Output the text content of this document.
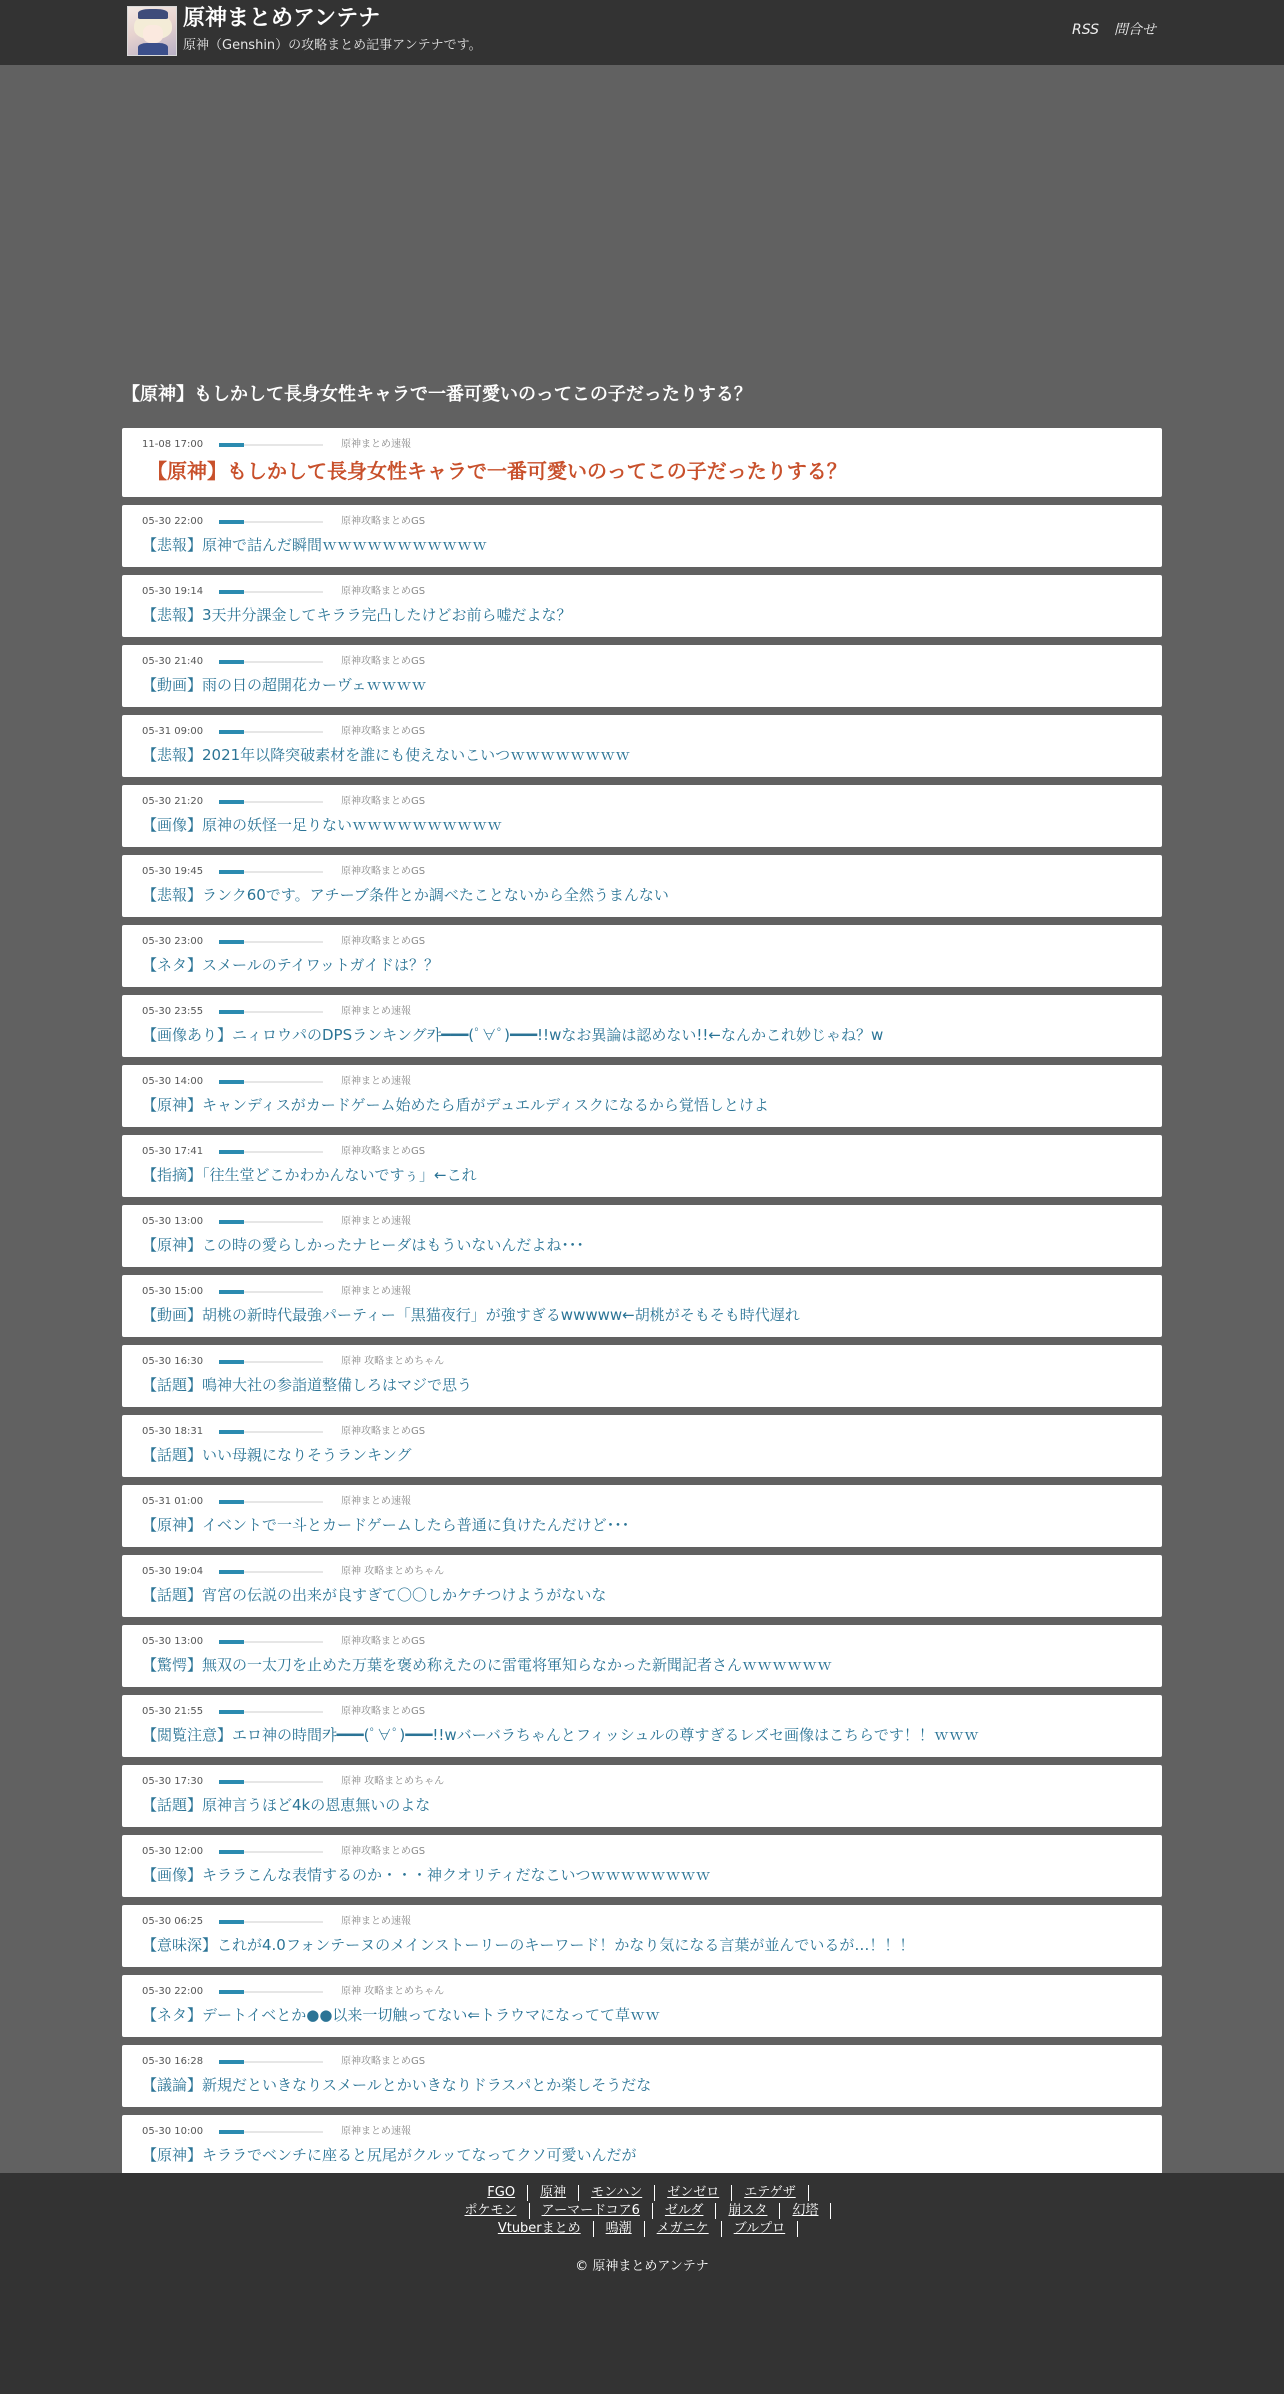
原神まとめアンテナ
原神（Genshin）の攻略まとめ記事アンテナです。
RSS 問合せ
【原神】もしかして長身女性キャラで一番可愛いのってこの子だったりする？
11-08 17:00	原神まとめ速報
【原神】もしかして長身女性キャラで一番可愛いのってこの子だったりする？
05-30 22:00	原神攻略まとめGS
【悲報】原神で詰んだ瞬間ｗｗｗｗｗｗｗｗｗｗｗ
05-30 19:14	原神攻略まとめGS
【悲報】3天井分課金してキララ完凸したけどお前ら嘘だよな？
05-30 21:40	原神攻略まとめGS
【動画】雨の日の超開花カーヴェｗｗｗｗ
05-31 09:00	原神攻略まとめGS
【悲報】2021年以降突破素材を誰にも使えないこいつｗｗｗｗｗｗｗｗ
05-30 21:20	原神攻略まとめGS
【画像】原神の妖怪一足りないｗｗｗｗｗｗｗｗｗｗ
05-30 19:45	原神攻略まとめGS
【悲報】ランク60です。アチーブ条件とか調べたことないから全然うまんない
05-30 23:00	原神攻略まとめGS
【ネタ】スメールのテイワットガイドは？？
05-30 23:55	原神まとめ速報
【画像あり】ニィロウパのDPSランキング캬━━━(ﾟ∀ﾟ)━━━!!wなお異論は認めない!!←なんかこれ妙じゃね？w
05-30 14:00	原神まとめ速報
【原神】キャンディスがカードゲーム始めたら盾がデュエルディスクになるから覚悟しとけよ
05-30 17:41	原神攻略まとめGS
【指摘】「往生堂どこかわかんないですぅ」←これ
05-30 13:00	原神まとめ速報
【原神】この時の愛らしかったナヒーダはもういないんだよね･･･
05-30 15:00	原神まとめ速報
【動画】胡桃の新時代最強パーティー「黒猫夜行」が強すぎるwwwww←胡桃がそもそも時代遅れ
05-30 16:30	原神 攻略まとめちゃん
【話題】鳴神大社の参詣道整備しろはマジで思う
05-30 18:31	原神攻略まとめGS
【話題】いい母親になりそうランキング
05-31 01:00	原神まとめ速報
【原神】イベントで一斗とカードゲームしたら普通に負けたんだけど･･･
05-30 19:04	原神 攻略まとめちゃん
【話題】宵宮の伝説の出来が良すぎて〇〇しかケチつけようがないな
05-30 13:00	原神攻略まとめGS
【驚愕】無双の一太刀を止めた万葉を褒め称えたのに雷電将軍知らなかった新聞記者さんｗｗｗｗｗｗ
05-30 21:55	原神攻略まとめGS
【閲覧注意】エロ神の時間캬━━━(ﾟ∀ﾟ)━━━!!wバーバラちゃんとフィッシュルの尊すぎるレズセ画像はこちらです！！ｗｗｗ
05-30 17:30	原神 攻略まとめちゃん
【話題】原神言うほど4kの恩恵無いのよな
05-30 12:00	原神攻略まとめGS
【画像】キララこんな表情するのか・・・神クオリティだなこいつｗｗｗｗｗｗｗｗ
05-30 06:25	原神まとめ速報
【意味深】これが4.0フォンテーヌのメインストーリーのキーワード！かなり気になる言葉が並んでいるが…！！！
05-30 22:00	原神 攻略まとめちゃん
【ネタ】デートイベとか●●以来一切触ってない⇐トラウマになってて草ｗｗ
05-30 16:28	原神攻略まとめGS
【議論】新規だといきなりスメールとかいきなりドラスパとか楽しそうだな
05-30 10:00	原神まとめ速報
【原神】キララでベンチに座ると尻尾がクルッてなってクソ可愛いんだが
FGO 原神 モンハン ゼンゼロ エテゲザ
ポケモン アーマードコア6 ゼルダ 崩スタ 幻塔
Vtuberまとめ 鳴潮 メガニケ ブルプロ
© 原神まとめアンテナ
